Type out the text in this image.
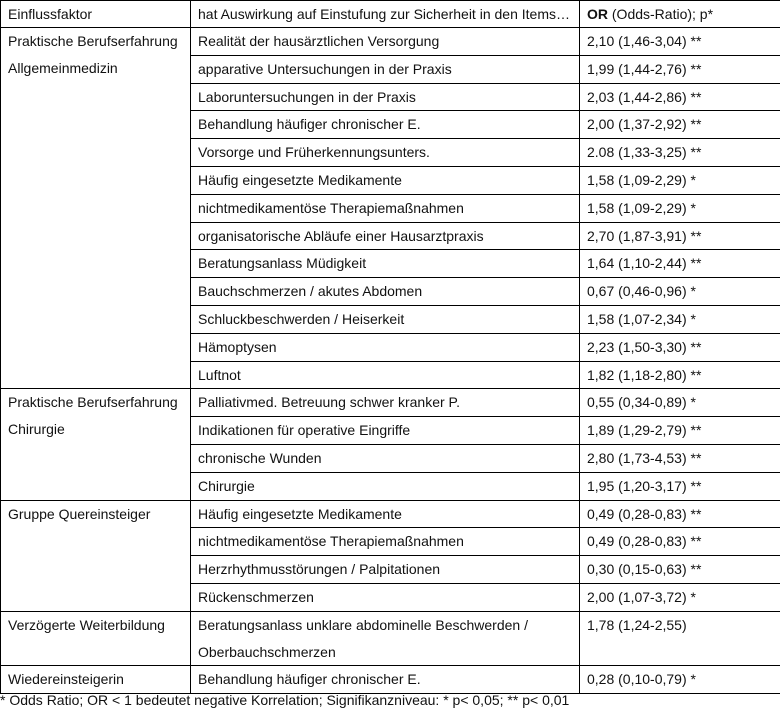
Einflussfaktor	hat Auswirkung auf Einstufung zur Sicherheit in den Items…	OR (Odds-Ratio); p*
Praktische Berufserfahrung Allgemeinmedizin	Realität der hausärztlichen Versorgung	2,10 (1,46-3,04) **
	apparative Untersuchungen in der Praxis	1,99 (1,44-2,76) **
	Laboruntersuchungen in der Praxis	2,03 (1,44-2,86) **
	Behandlung häufiger chronischer E.	2,00 (1,37-2,92) **
	Vorsorge und Früherkennungsunters.	2.08 (1,33-3,25) **
	Häufig eingesetzte Medikamente	1,58 (1,09-2,29) *
	nichtmedikamentöse Therapiemaßnahmen	1,58 (1,09-2,29) *
	organisatorische Abläufe einer Hausarztpraxis	2,70 (1,87-3,91) **
	Beratungsanlass Müdigkeit	1,64 (1,10-2,44) **
	Bauchschmerzen / akutes Abdomen	0,67 (0,46-0,96) *
	Schluckbeschwerden / Heiserkeit	1,58 (1,07-2,34) *
	Hämoptysen	2,23 (1,50-3,30) **
	Luftnot	1,82 (1,18-2,80) **
Praktische Berufserfahrung Chirurgie	Palliativmed. Betreuung schwer kranker P.	0,55 (0,34-0,89) *
	Indikationen für operative Eingriffe	1,89 (1,29-2,79) **
	chronische Wunden	2,80 (1,73-4,53) **
	Chirurgie	1,95 (1,20-3,17) **
Gruppe Quereinsteiger	Häufig eingesetzte Medikamente	0,49 (0,28-0,83) **
	nichtmedikamentöse Therapiemaßnahmen	0,49 (0,28-0,83) **
	Herzrhythmusstörungen / Palpitationen	0,30 (0,15-0,63) **
	Rückenschmerzen	2,00 (1,07-3,72) *
Verzögerte Weiterbildung	Beratungsanlass unklare abdominelle Beschwerden / Oberbauchschmerzen	1,78 (1,24-2,55)
Wiedereinsteigerin	Behandlung häufiger chronischer E.	0,28 (0,10-0,79) *
* Odds Ratio; OR < 1 bedeutet negative Korrelation; Signifikanzniveau: * p< 0,05; ** p< 0,01
